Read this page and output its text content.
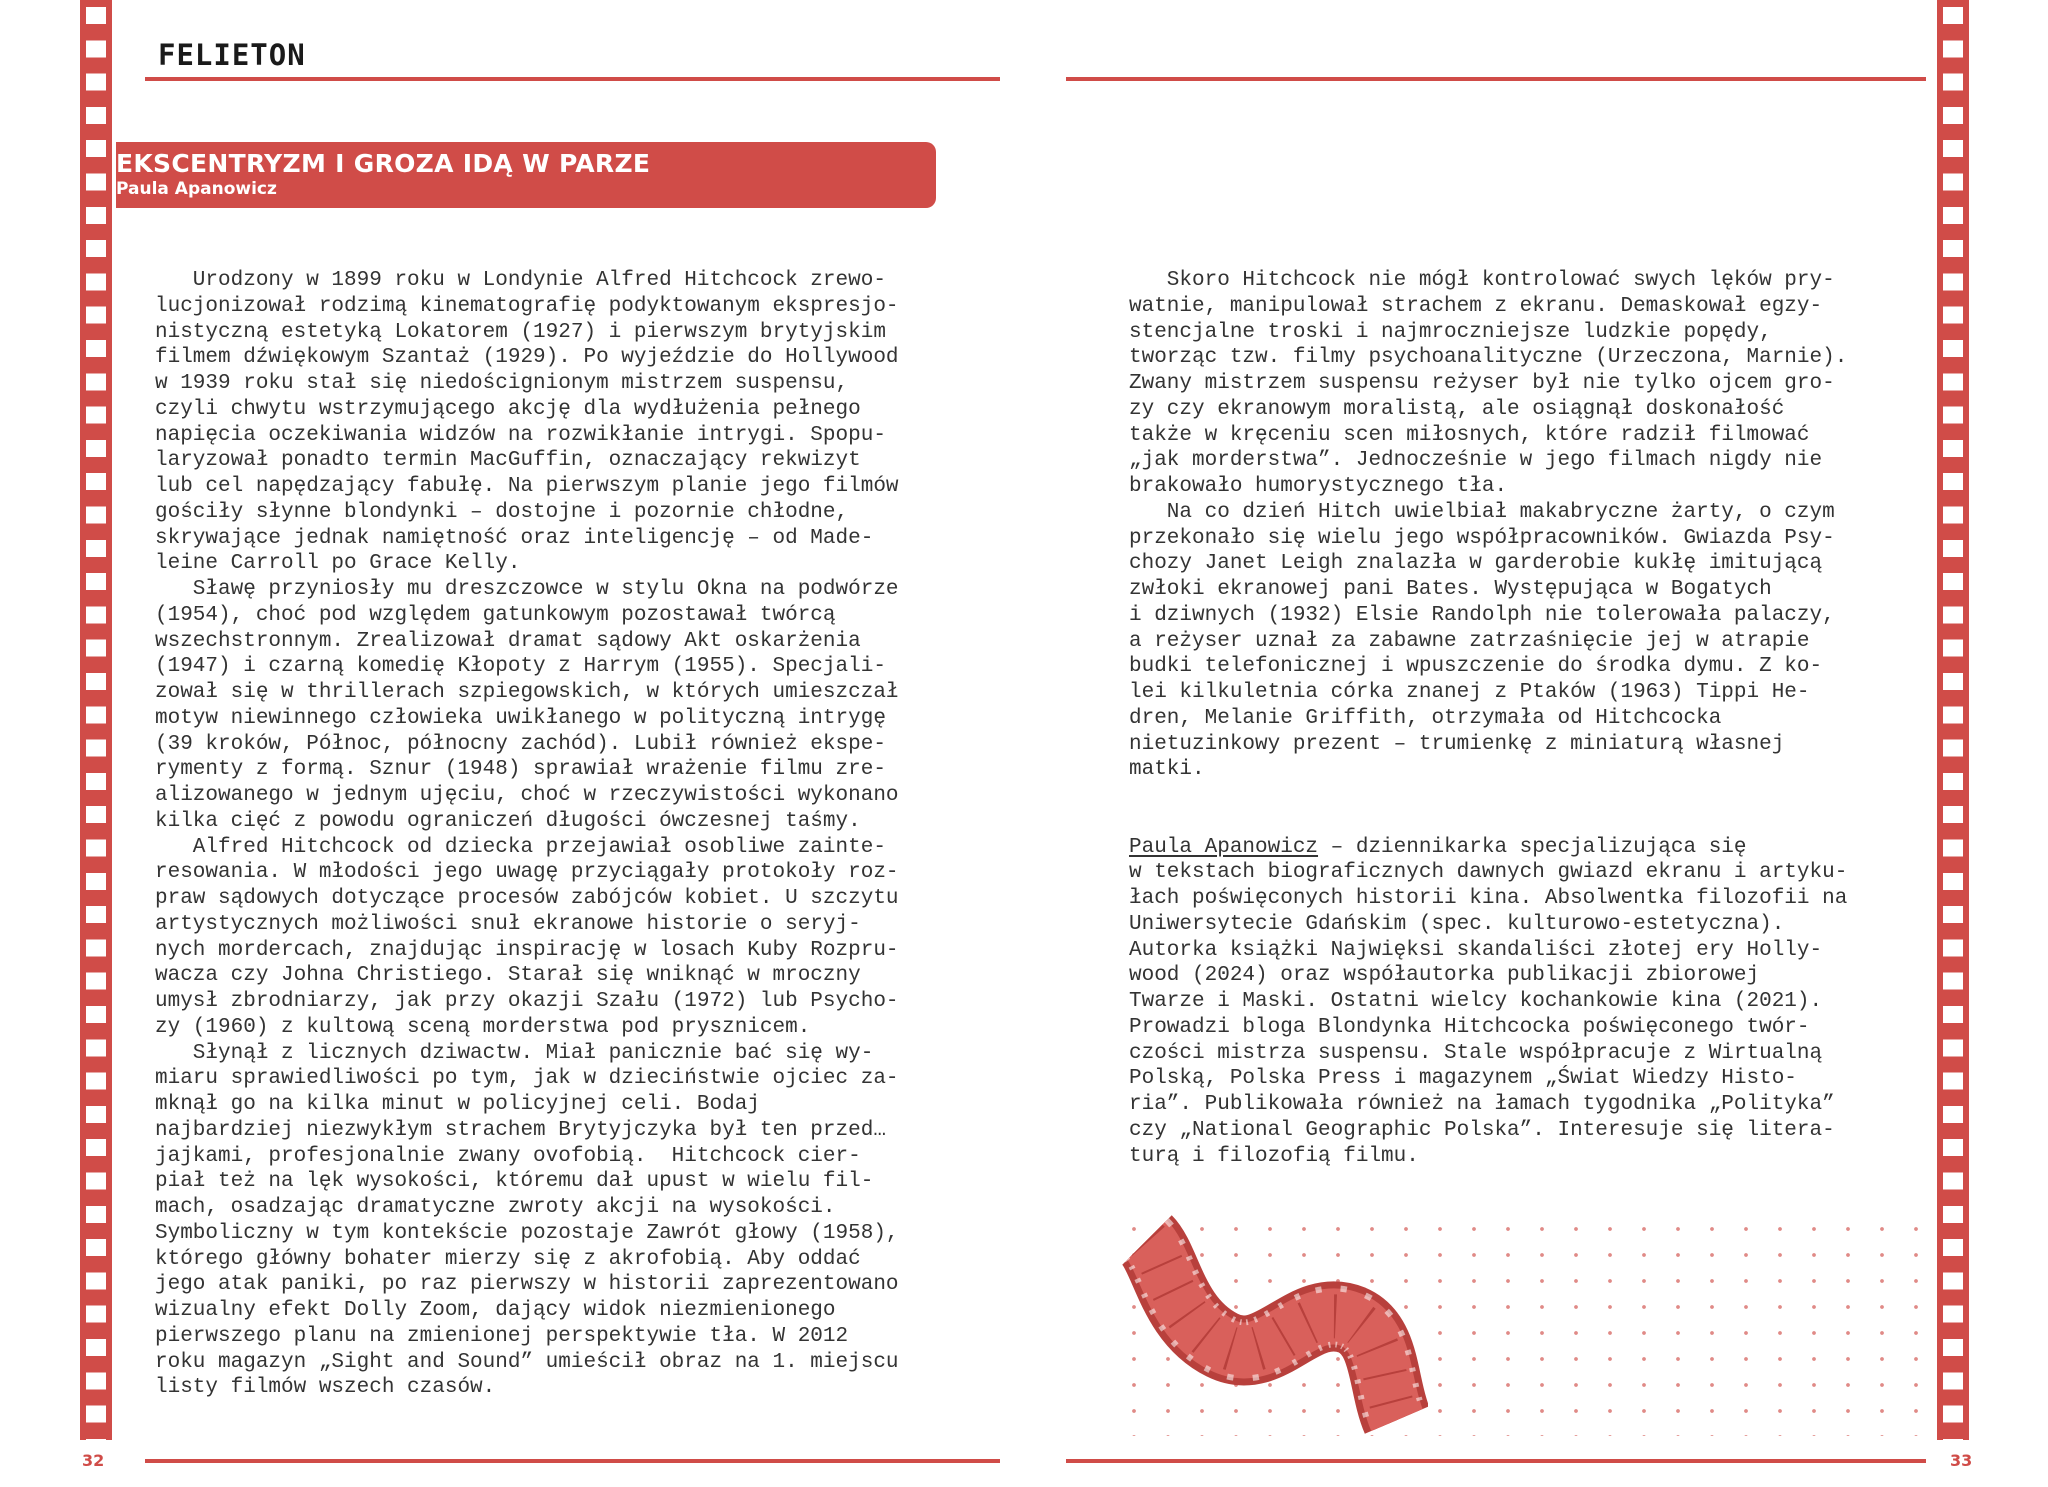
FELIETON
EKSCENTRYZM I GROZA IDĄ W PARZE
Paula Apanowicz

Urodzony w 1899 roku w Londynie Alfred Hitchcock zrewo-
lucjonizował rodzimą kinematografię podyktowanym ekspresjo-
nistyczną estetyką Lokatorem (1927) i pierwszym brytyjskim
filmem dźwiękowym Szantaż (1929). Po wyjeździe do Hollywood
w 1939 roku stał się niedoścignionym mistrzem suspensu,
czyli chwytu wstrzymującego akcję dla wydłużenia pełnego
napięcia oczekiwania widzów na rozwikłanie intrygi. Spopu-
laryzował ponadto termin MacGuffin, oznaczający rekwizyt
lub cel napędzający fabułę. Na pierwszym planie jego filmów
gościły słynne blondynki – dostojne i pozornie chłodne,
skrywające jednak namiętność oraz inteligencję – od Made-
leine Carroll po Grace Kelly.
Sławę przyniosły mu dreszczowce w stylu Okna na podwórze
(1954), choć pod względem gatunkowym pozostawał twórcą
wszechstronnym. Zrealizował dramat sądowy Akt oskarżenia
(1947) i czarną komedię Kłopoty z Harrym (1955). Specjali-
zował się w thrillerach szpiegowskich, w których umieszczał
motyw niewinnego człowieka uwikłanego w polityczną intrygę
(39 kroków, Północ, północny zachód). Lubił również ekspe-
rymenty z formą. Sznur (1948) sprawiał wrażenie filmu zre-
alizowanego w jednym ujęciu, choć w rzeczywistości wykonano
kilka cięć z powodu ograniczeń długości ówczesnej taśmy.
Alfred Hitchcock od dziecka przejawiał osobliwe zainte-
resowania. W młodości jego uwagę przyciągały protokoły roz-
praw sądowych dotyczące procesów zabójców kobiet. U szczytu
artystycznych możliwości snuł ekranowe historie o seryj-
nych mordercach, znajdując inspirację w losach Kuby Rozpru-
wacza czy Johna Christiego. Starał się wniknąć w mroczny
umysł zbrodniarzy, jak przy okazji Szału (1972) lub Psycho-
zy (1960) z kultową sceną morderstwa pod prysznicem.
Słynął z licznych dziwactw. Miał panicznie bać się wy-
miaru sprawiedliwości po tym, jak w dzieciństwie ojciec za-
mknął go na kilka minut w policyjnej celi. Bodaj
najbardziej niezwykłym strachem Brytyjczyka był ten przed…
jajkami, profesjonalnie zwany ovofobią.  Hitchcock cier-
piał też na lęk wysokości, któremu dał upust w wielu fil-
mach, osadzając dramatyczne zwroty akcji na wysokości.
Symboliczny w tym kontekście pozostaje Zawrót głowy (1958),
którego główny bohater mierzy się z akrofobią. Aby oddać
jego atak paniki, po raz pierwszy w historii zaprezentowano
wizualny efekt Dolly Zoom, dający widok niezmienionego
pierwszego planu na zmienionej perspektywie tła. W 2012
roku magazyn „Sight and Sound” umieścił obraz na 1. miejscu
listy filmów wszech czasów.

Skoro Hitchcock nie mógł kontrolować swych lęków pry-
watnie, manipulował strachem z ekranu. Demaskował egzy-
stencjalne troski i najmroczniejsze ludzkie popędy,
tworząc tzw. filmy psychoanalityczne (Urzeczona, Marnie).
Zwany mistrzem suspensu reżyser był nie tylko ojcem gro-
zy czy ekranowym moralistą, ale osiągnął doskonałość
także w kręceniu scen miłosnych, które radził filmować
„jak morderstwa”. Jednocześnie w jego filmach nigdy nie
brakowało humorystycznego tła.
Na co dzień Hitch uwielbiał makabryczne żarty, o czym
przekonało się wielu jego współpracowników. Gwiazda Psy-
chozy Janet Leigh znalazła w garderobie kukłę imitującą
zwłoki ekranowej pani Bates. Występująca w Bogatych
i dziwnych (1932) Elsie Randolph nie tolerowała palaczy,
a reżyser uznał za zabawne zatrzaśnięcie jej w atrapie
budki telefonicznej i wpuszczenie do środka dymu. Z ko-
lei kilkuletnia córka znanej z Ptaków (1963) Tippi He-
dren, Melanie Griffith, otrzymała od Hitchcocka
nietuzinkowy prezent – trumienkę z miniaturą własnej
matki.

Paula Apanowicz – dziennikarka specjalizująca się
w tekstach biograficznych dawnych gwiazd ekranu i artyku-
łach poświęconych historii kina. Absolwentka filozofii na
Uniwersytecie Gdańskim (spec. kulturowo-estetyczna).
Autorka książki Najwięksi skandaliści złotej ery Holly-
wood (2024) oraz współautorka publikacji zbiorowej
Twarze i Maski. Ostatni wielcy kochankowie kina (2021).
Prowadzi bloga Blondynka Hitchcocka poświęconego twór-
czości mistrza suspensu. Stale współpracuje z Wirtualną
Polską, Polska Press i magazynem „Świat Wiedzy Histo-
ria”. Publikowała również na łamach tygodnika „Polityka”
czy „National Geographic Polska”. Interesuje się litera-
turą i filozofią filmu.
32	33
